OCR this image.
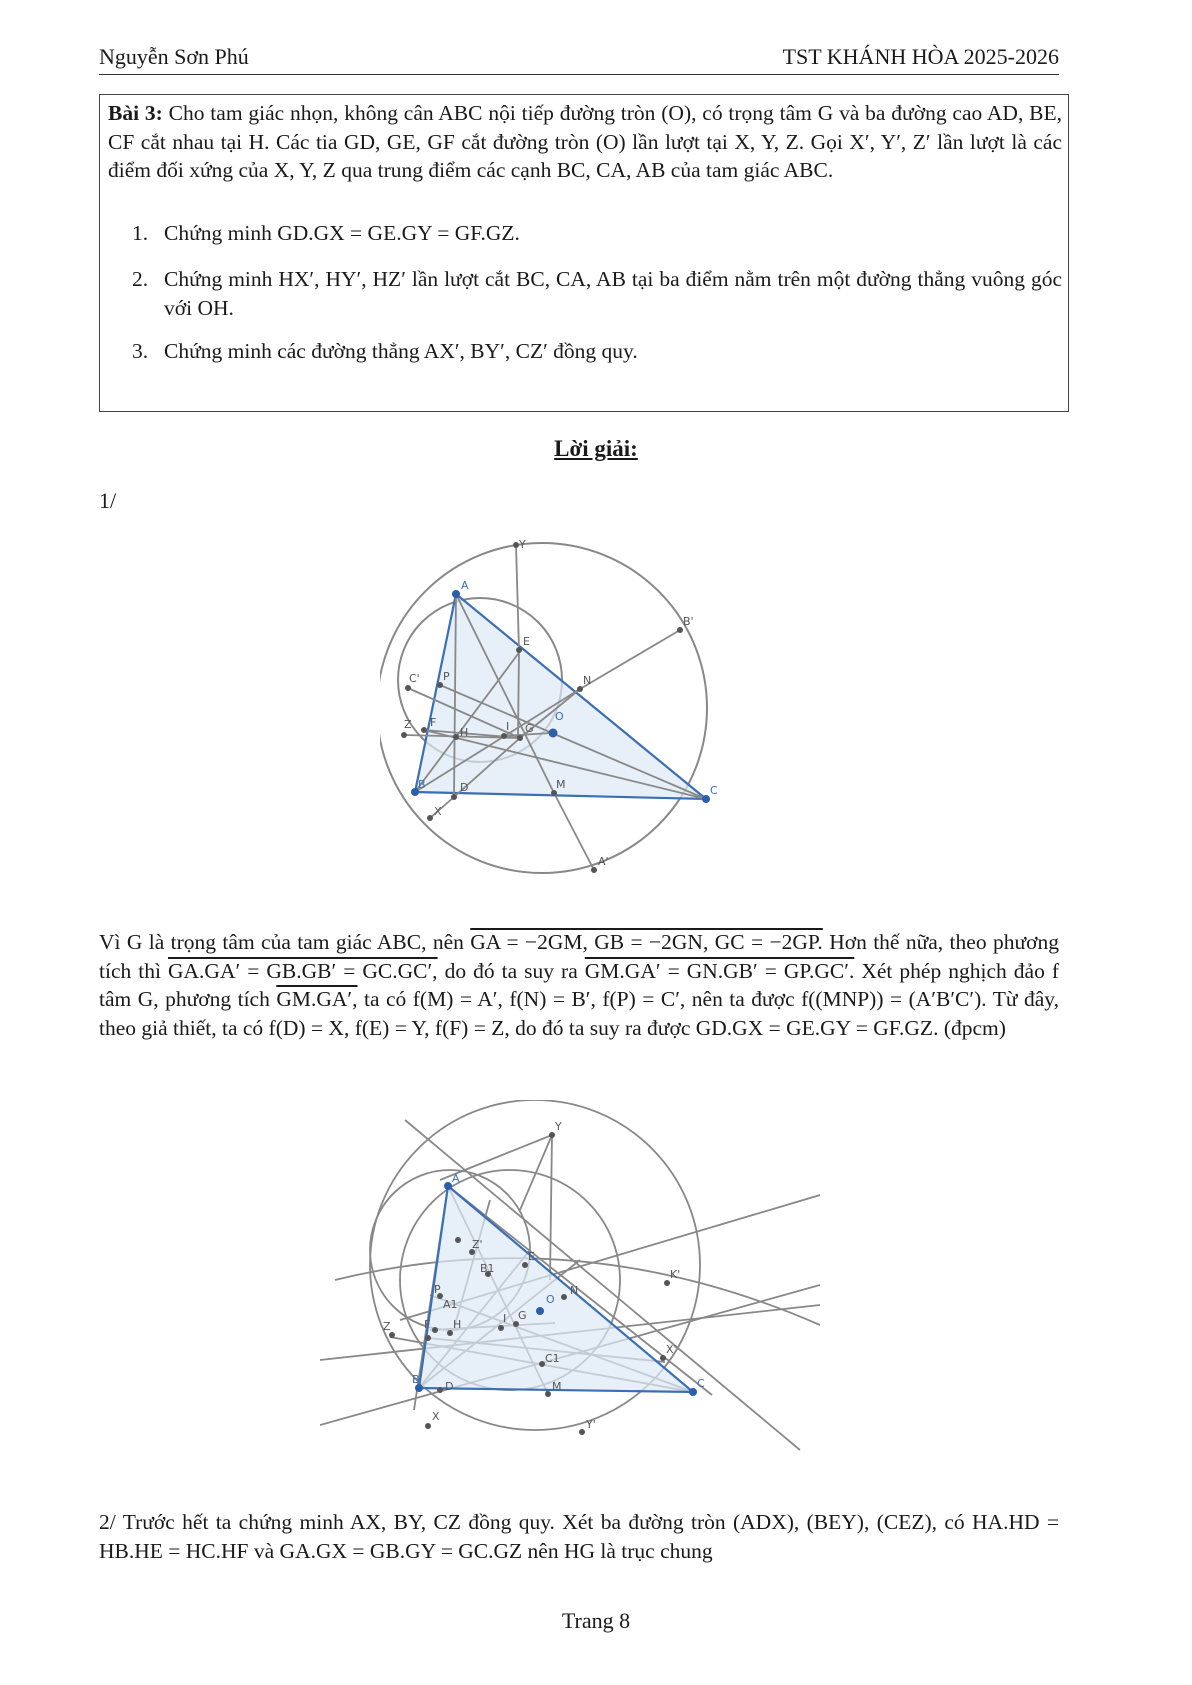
Nguyễn Sơn Phú	TST KHÁNH HÒA 2025-2026

Bài 3: Cho tam giác nhọn, không cân ABC nội tiếp đường tròn (O), có trọng tâm G và ba đường cao AD, BE, CF cắt nhau tại H. Các tia GD, GE, GF cắt đường tròn (O) lần lượt tại X, Y, Z. Gọi X′, Y′, Z′ lần lượt là các điểm đối xứng của X, Y, Z qua trung điểm các cạnh BC, CA, AB của tam giác ABC.

1. Chứng minh GD.GX = GE.GY = GF.GZ.
2. Chứng minh HX′, HY′, HZ′ lần lượt cắt BC, CA, AB tại ba điểm nằm trên một đường thẳng vuông góc với OH.
3. Chứng minh các đường thẳng AX′, BY′, CZ′ đồng quy.
Lời giải:
1/
A
B	C
D
E
F	G
H	I
M
N
O
P
X
Y
Z
A'
B'
C'

Vì G là trọng tâm của tam giác ABC, nên GA = −2GM, GB = −2GN, GC = −2GP. Hơn thế nữa, theo phương tích thì GA.GA′ = GB.GB′ = GC.GC′, do đó ta suy ra GM.GA′ = GN.GB′ = GP.GC′. Xét phép nghịch đảo f tâm G, phương tích GM.GA′, ta có f(M) = A′, f(N) = B′, f(P) = C′, nên ta được f((MNP)) = (A′B′C′). Từ đây, theo giả thiết, ta có f(D) = X, f(E) = Y, f(F) = Z, do đó ta suy ra được GD.GX = GE.GY = GF.GZ. (đpcm)

A
B	C
D
E
F
G
H	I
M
N
O
P
X
Y
Z
Z'
X'
Y'
K'
B1
A1
C1

2/ Trước hết ta chứng minh AX, BY, CZ đồng quy. Xét ba đường tròn (ADX), (BEY), (CEZ), có HA.HD = HB.HE = HC.HF và GA.GX = GB.GY = GC.GZ nên HG là trục chung

Trang 8
